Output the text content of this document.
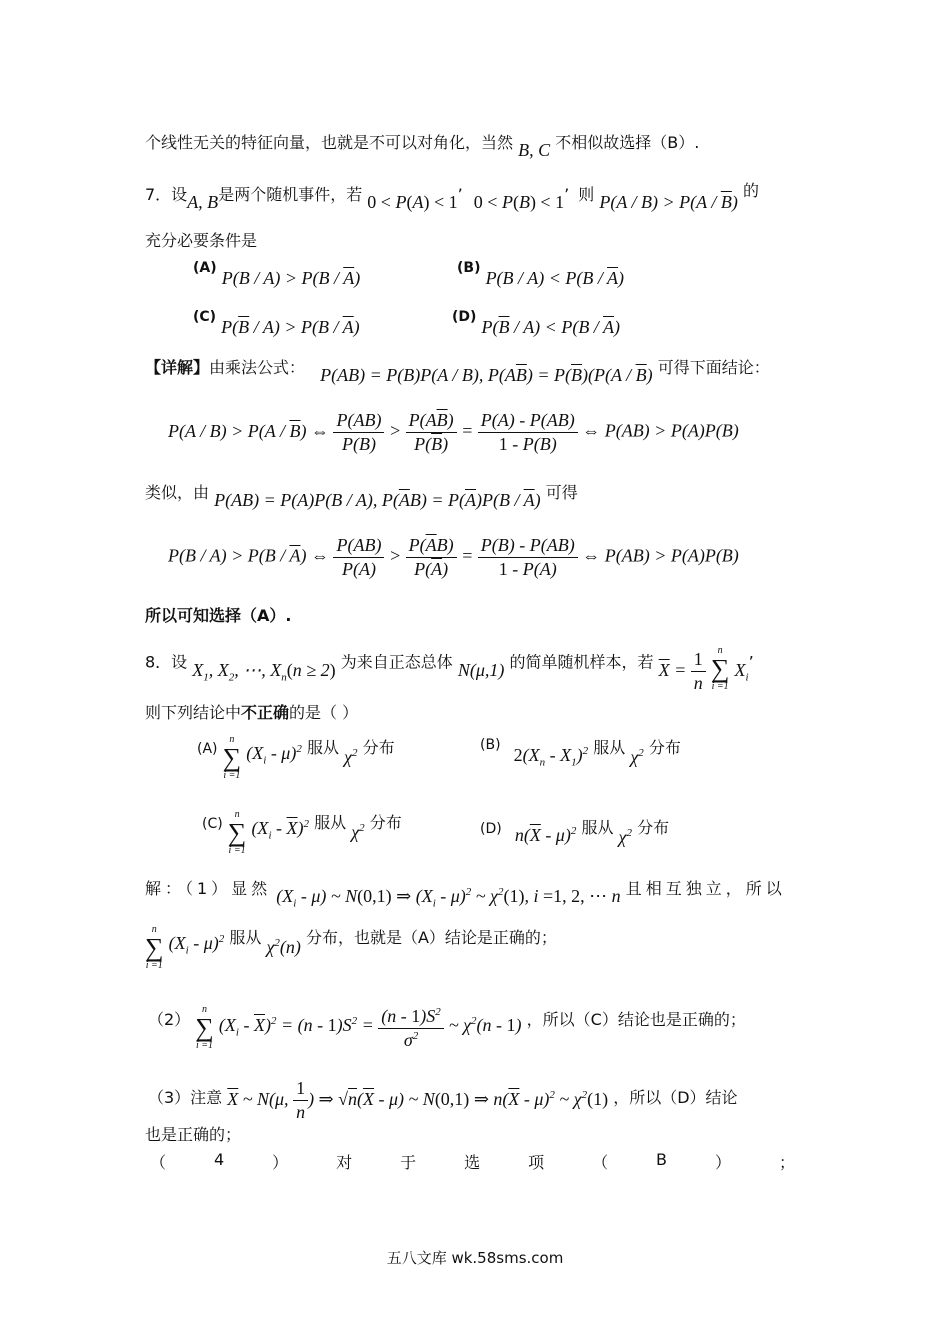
个线性无关的特征向量，也就是不可以对角化，当然 B, C 不相似故选择（B）.
7．设A, B是两个随机事件，若 0 < P(A) < 1’ 0 < P(B) < 1’ 则 $P(A / B) > P(A / \overline{B})$ 的
充分必要条件是
(A) $P(B / A) > P(B / \overline{A})$	(B) $P(B / A) < P(B / \overline{A})$
(C) $P(\overline{B} / A) > P(B / \overline{A})$	(D) $P(\overline{B} / A) < P(B / \overline{A})$
【详解】由乘法公式： P(AB) = P(B)P(A / B), $P(A\overline{B}) = P(\overline{B})(P(A / \overline{B})$ 可得下面结论：
$P(A / B) > P(A / \overline{B})$ ⇔ $\frac{P(AB)}{P(B)} > \frac{P(A\overline{B})}{P(\overline{B})} = \frac{P(A) - P(AB)}{1 - P(B)}$ ⇔ P(AB) > P(A)P(B)
类似，由 P(AB) = P(A)P(B / A), $P(\overline{A}B) = P(\overline{A})P(B / \overline{A})$ 可得
$P(B / A) > P(B / \overline{A})$ ⇔ $\frac{P(AB)}{P(A)} > \frac{P(\overline{A}B)}{P(\overline{A})} = \frac{P(B) - P(AB)}{1 - P(A)}$ ⇔ P(AB) > P(A)P(B)
所以可知选择（A）.
8．设 $X_1$, $X_2$, ⋯, $X_n(n \ge 2)$ 为来自正态总体 N(μ,1) 的简单随机样本，若 $\overline{X} = \frac{1}{n}$
	n
∑
i =1
$X_i$’
则下列结论中不正确的是（ ）
(A)
n
∑
i =1
$(X_i - \mu)^2$ 服从 $\chi^2$ 分布	(B) $2(X_n - X_1)^2$ 服从 $\chi^2$ 分布
(C)
n
∑
i =1
$(X_i - \overline{X})^2$ 服从 $\chi^2$ 分布	(D) $n(\overline{X} - \mu)^2$ 服从 $\chi^2$ 分布
解：（1）显然 $(X_i - \mu)$ ~ N(0,1) ⇒ $(X_i - \mu)^2$ ~ $\chi^2(1)$, i =1, 2, ⋯ n 且相互独立，所以
n
∑
i =1
$(X_i - \mu)^2$ 服从 $\chi^2(n)$ 分布，也就是（A）结论是正确的；
（2）	n
∑
i =1
$(X_i - \overline{X})^2 = (n - 1)S^2 = \frac{(n - 1)S^2}{\sigma^2}$ ~ $\chi^2(n - 1)$ ，所以（C）结论也是正确的；
（3）注意 $\overline{X}$ ~ N(μ, $\frac{1}{n}$ ) ⇒ $√n(\overline{X} - \mu)$ ~ N(0,1) ⇒ $n(\overline{X} - \mu)^2$ ~ $\chi^2(1)$ ，所以（D）结论
也是正确的；
（	4	）	对	于	选	项	（	B	）	；
五八文库 wk.58sms.com
